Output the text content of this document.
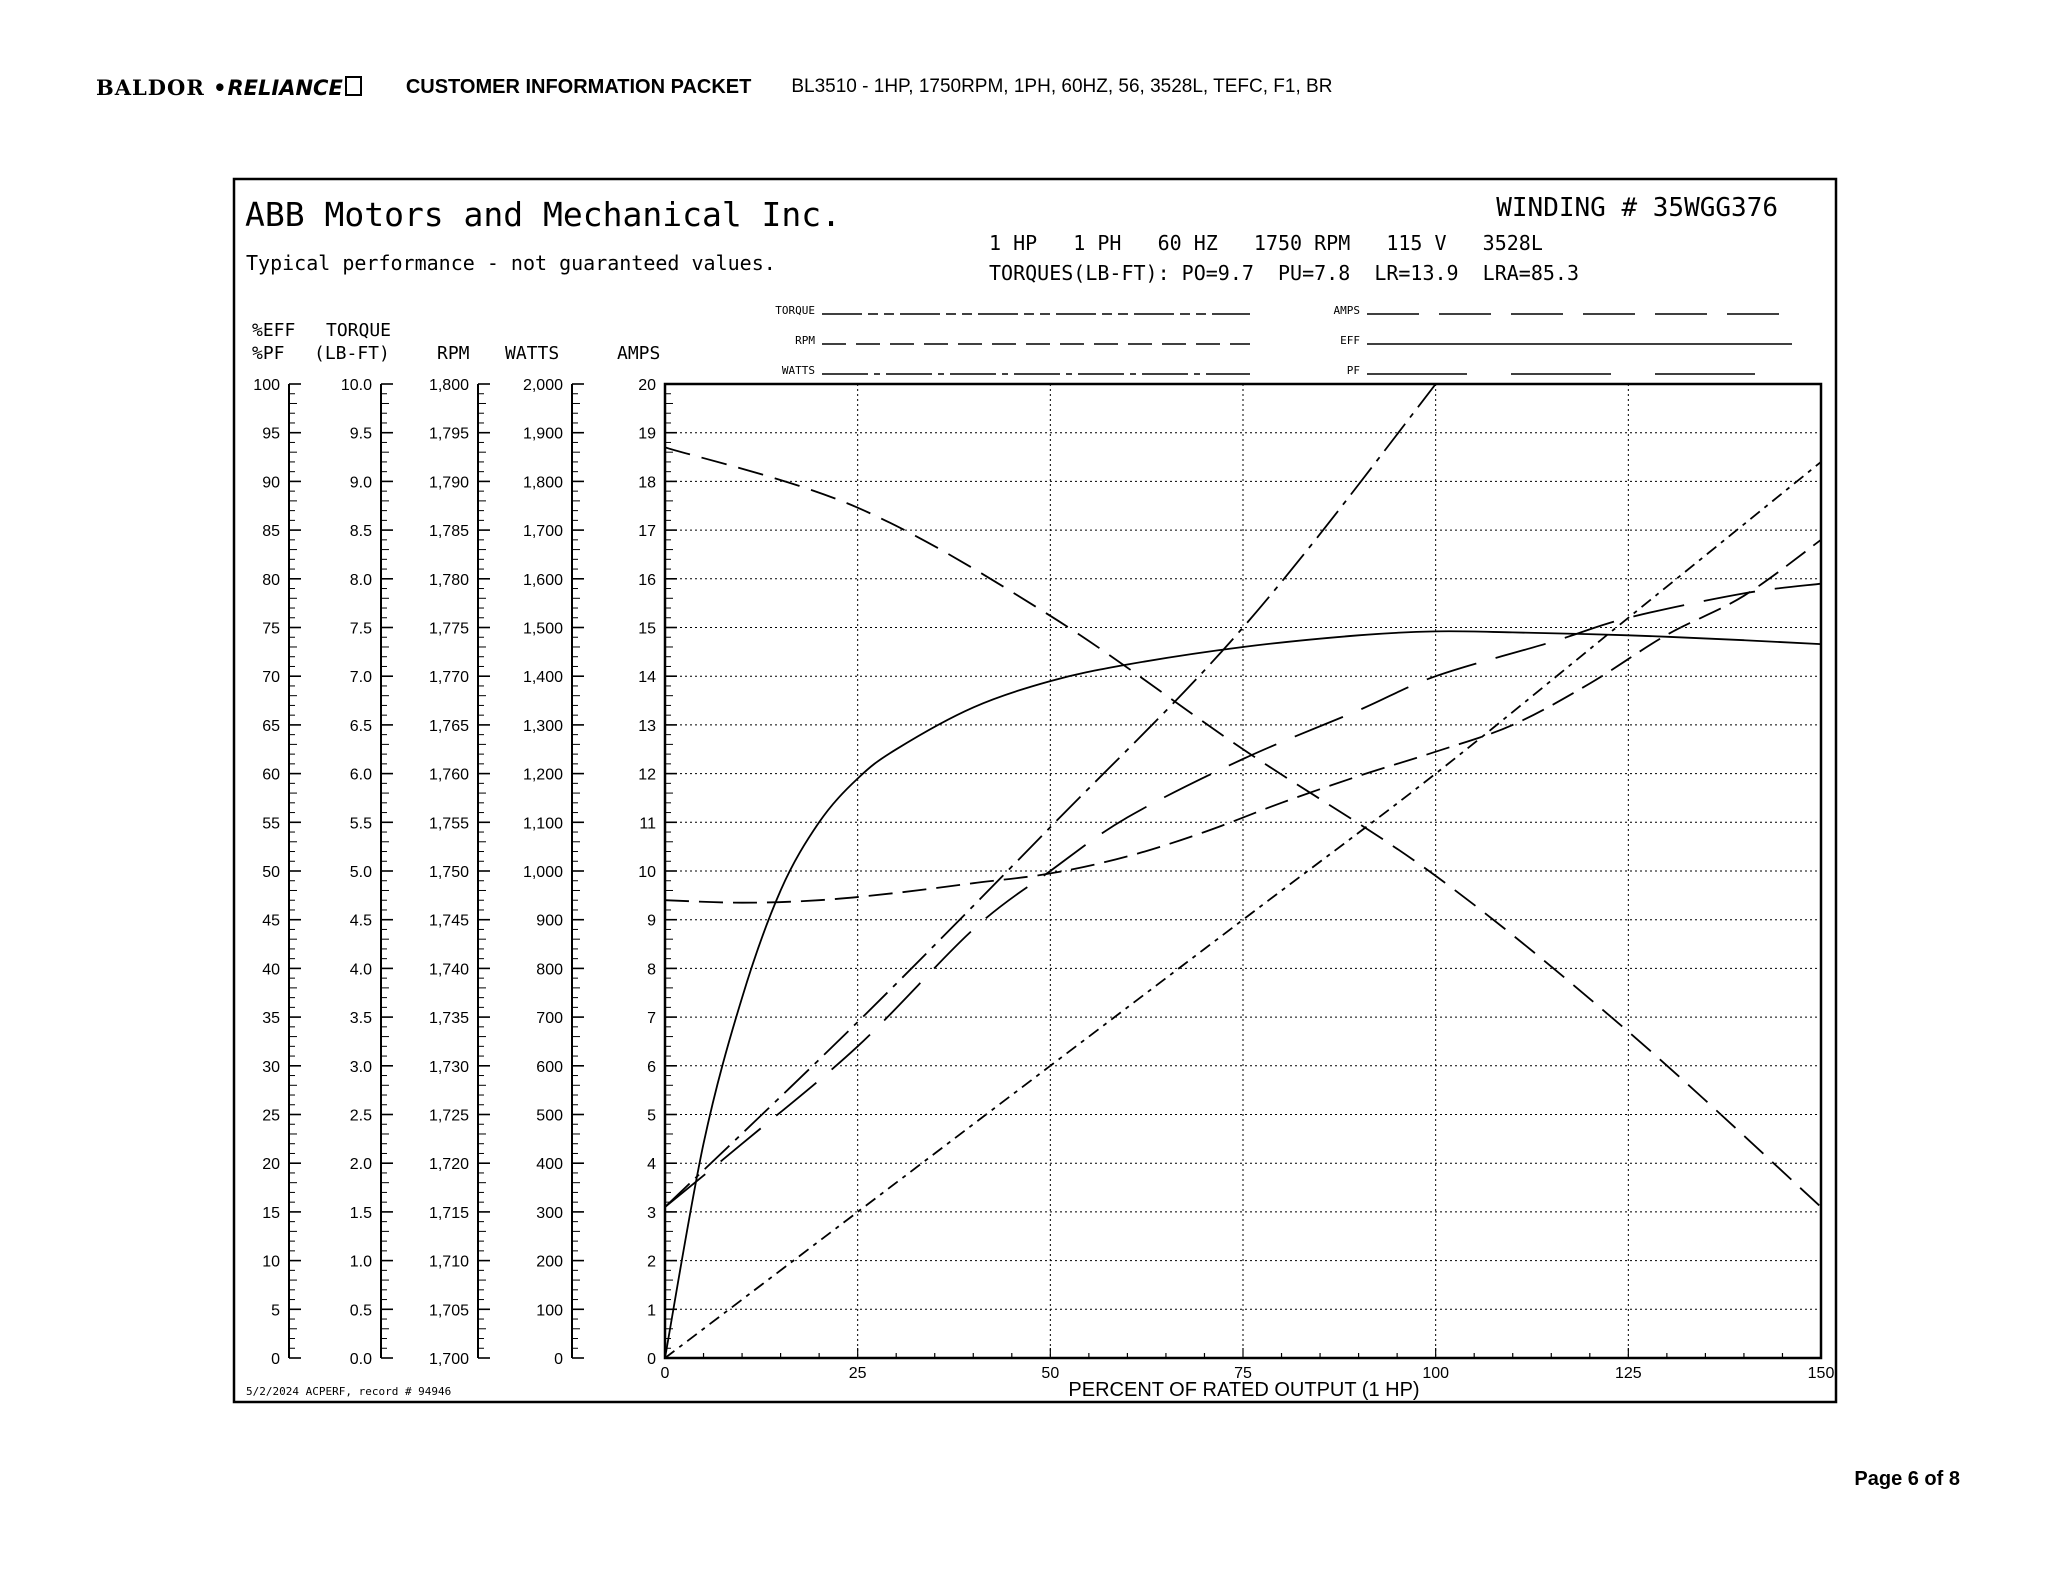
BALDOR •RELIANCE	CUSTOMER INFORMATION PACKET BL3510 - 1HP, 1750RPM, 1PH, 60HZ, 56, 3528L, TEFC, F1, BR
ABB Motors and Mechanical Inc.
Typical performance - not guaranteed values.
WINDING # 35WGG376
1 HP   1 PH   60 HZ   1750 RPM   115 V   3528L
TORQUES(LB-FT): PO=9.7  PU=7.8  LR=13.9  LRA=85.3
%EFF
%PF
TORQUE
(LB-FT)	RPM WATTS	AMPS
TORQUE
RPM
WATTS
AMPS
EFF
PF
100
95
90
85
80
75
70
65
60
55
50
45
40
35
30
25
20
15
10
5
0
10.0
9.5
9.0
8.5
8.0
7.5
7.0
6.5
6.0
5.5
5.0
4.5
4.0
3.5
3.0
2.5
2.0
1.5
1.0
0.5
0.0
1,800
1,795
1,790
1,785
1,780
1,775
1,770
1,765
1,760
1,755
1,750
1,745
1,740
1,735
1,730
1,725
1,720
1,715
1,710
1,705
1,700
2,000
1,900
1,800
1,700
1,600
1,500
1,400
1,300
1,200
1,100
1,000
900
800
700
600
500
400
300
200
100
0
20
19
18
17
16
15
14
13
12
11
10
9
8
7
6
5
4
3
2
1
0
0	25	50	75	100	125	150
PERCENT OF RATED OUTPUT (1 HP)
5/2/2024 ACPERF, record # 94946
Page 6 of 8
